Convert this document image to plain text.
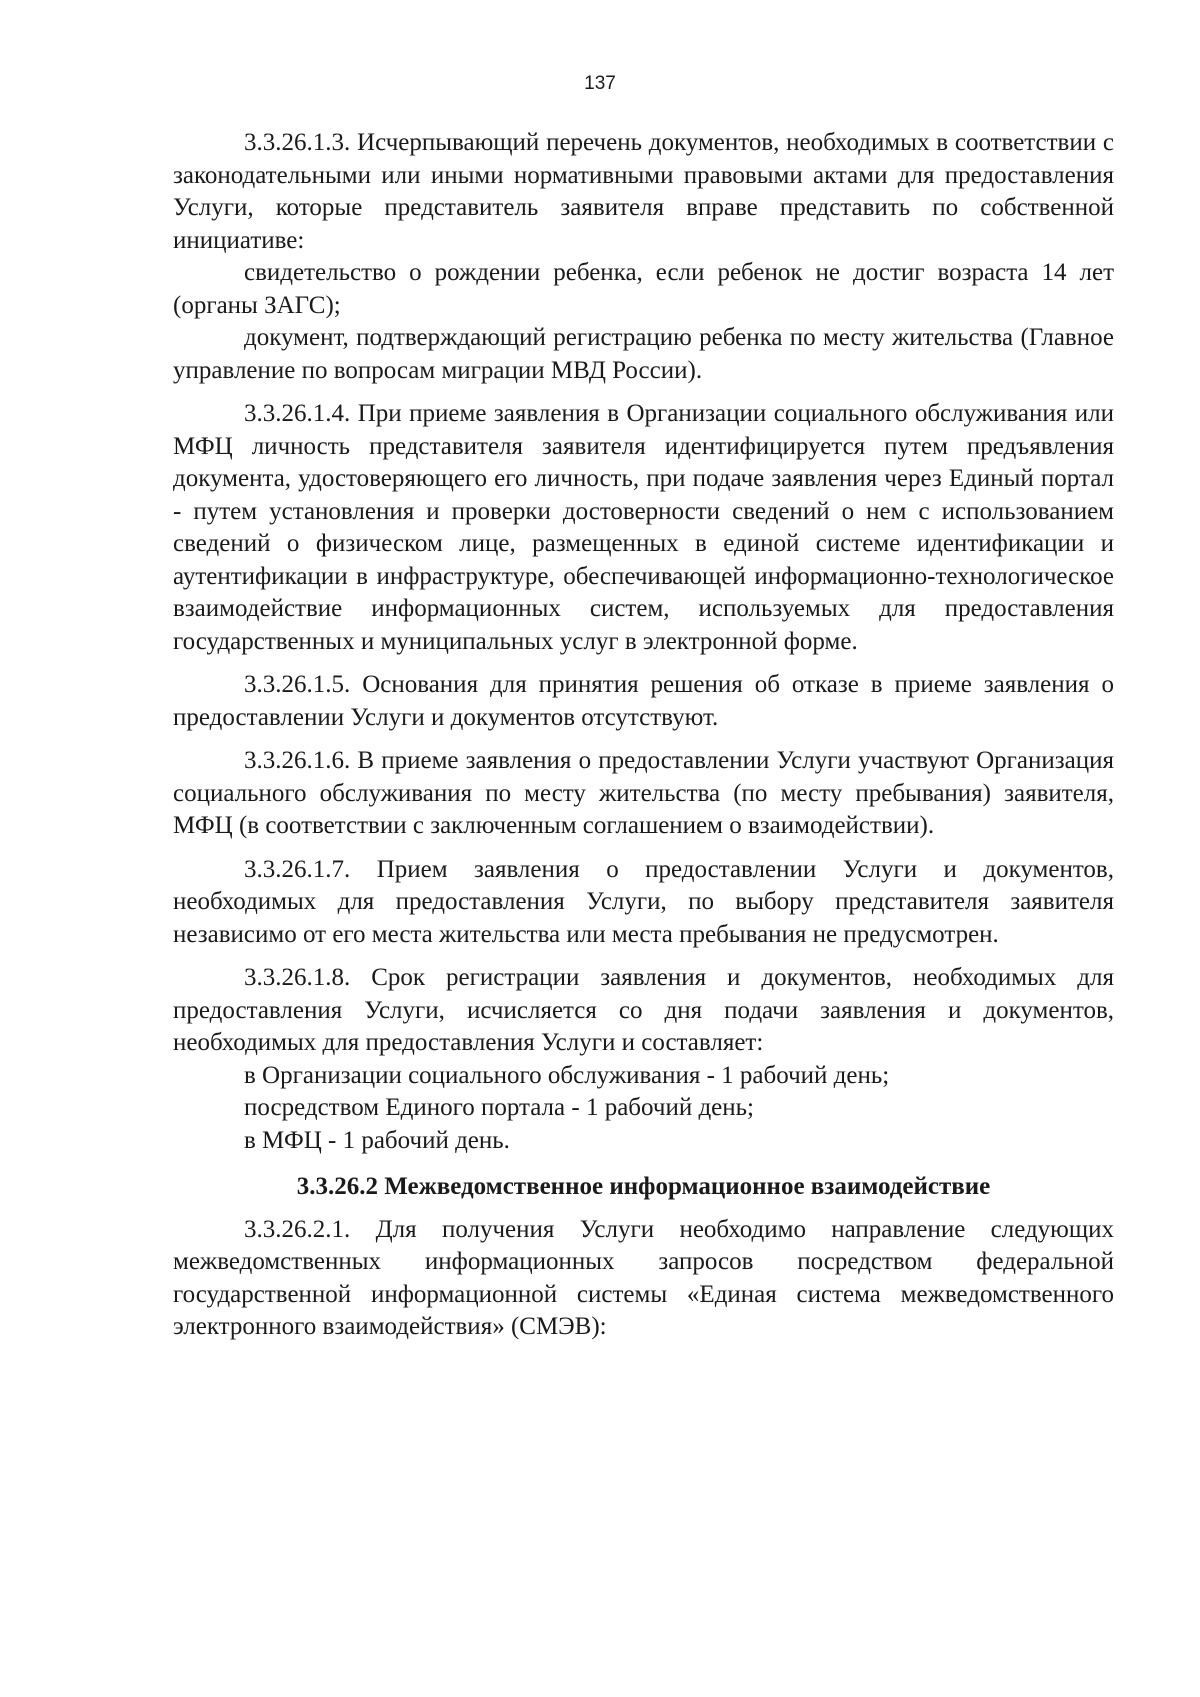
137

3.3.26.1.3. Исчерпывающий перечень документов, необходимых в соответствии с законодательными или иными нормативными правовыми актами для предоставления Услуги, которые представитель заявителя вправе представить по собственной инициативе:

свидетельство о рождении ребенка, если ребенок не достиг возраста 14 лет (органы ЗАГС);

документ, подтверждающий регистрацию ребенка по месту жительства (Главное управление по вопросам миграции МВД России).

3.3.26.1.4. При приеме заявления в Организации социального обслуживания или МФЦ личность представителя заявителя идентифицируется путем предъявления документа, удостоверяющего его личность, при подаче заявления через Единый портал - путем установления и проверки достоверности сведений о нем с использованием сведений о физическом лице, размещенных в единой системе идентификации и аутентификации в инфраструктуре, обеспечивающей информационно-технологическое взаимодействие информационных систем, используемых для предоставления государственных и муниципальных услуг в электронной форме.

3.3.26.1.5. Основания для принятия решения об отказе в приеме заявления о предоставлении Услуги и документов отсутствуют.

3.3.26.1.6. В приеме заявления о предоставлении Услуги участвуют Организация социального обслуживания по месту жительства (по месту пребывания) заявителя, МФЦ (в соответствии с заключенным соглашением о взаимодействии).

3.3.26.1.7. Прием заявления о предоставлении Услуги и документов, необходимых для предоставления Услуги, по выбору представителя заявителя независимо от его места жительства или места пребывания не предусмотрен.

3.3.26.1.8. Срок регистрации заявления и документов, необходимых для предоставления Услуги, исчисляется со дня подачи заявления и документов, необходимых для предоставления Услуги и составляет:

в Организации социального обслуживания - 1 рабочий день;

посредством Единого портала - 1 рабочий день;

в МФЦ - 1 рабочий день.

3.3.26.2 Межведомственное информационное взаимодействие

3.3.26.2.1. Для получения Услуги необходимо направление следующих межведомственных информационных запросов посредством федеральной государственной информационной системы «Единая система межведомственного электронного взаимодействия» (СМЭВ):
